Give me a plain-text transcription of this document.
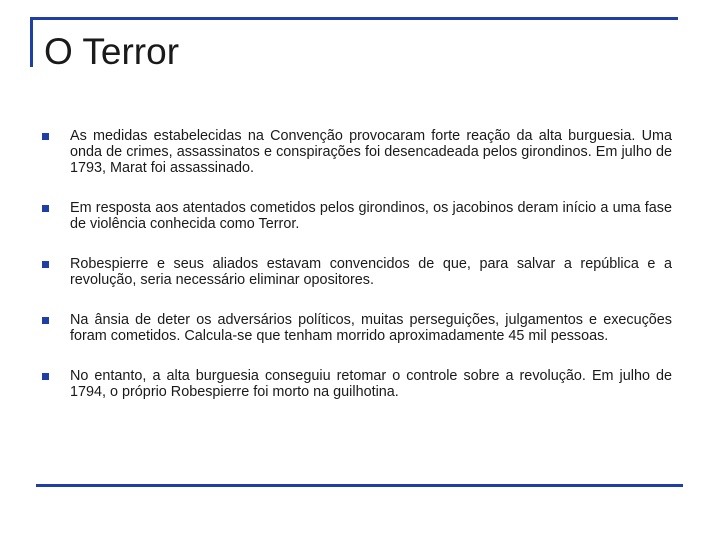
O Terror
As medidas estabelecidas na Convenção provocaram forte reação da alta burguesia. Uma onda de crimes, assassinatos e conspirações foi desencadeada pelos girondinos. Em julho de 1793, Marat foi assassinado.
Em resposta aos atentados cometidos pelos girondinos, os jacobinos deram início a uma fase de violência conhecida como Terror.
Robespierre e seus aliados estavam convencidos de que, para salvar a república e a revolução, seria necessário eliminar opositores.
Na ânsia de deter os adversários políticos, muitas perseguições, julgamentos e execuções foram cometidos. Calcula-se que tenham morrido aproximadamente 45 mil pessoas.
No entanto, a alta burguesia conseguiu retomar o controle sobre a revolução. Em julho de 1794, o próprio Robespierre foi morto na guilhotina.
